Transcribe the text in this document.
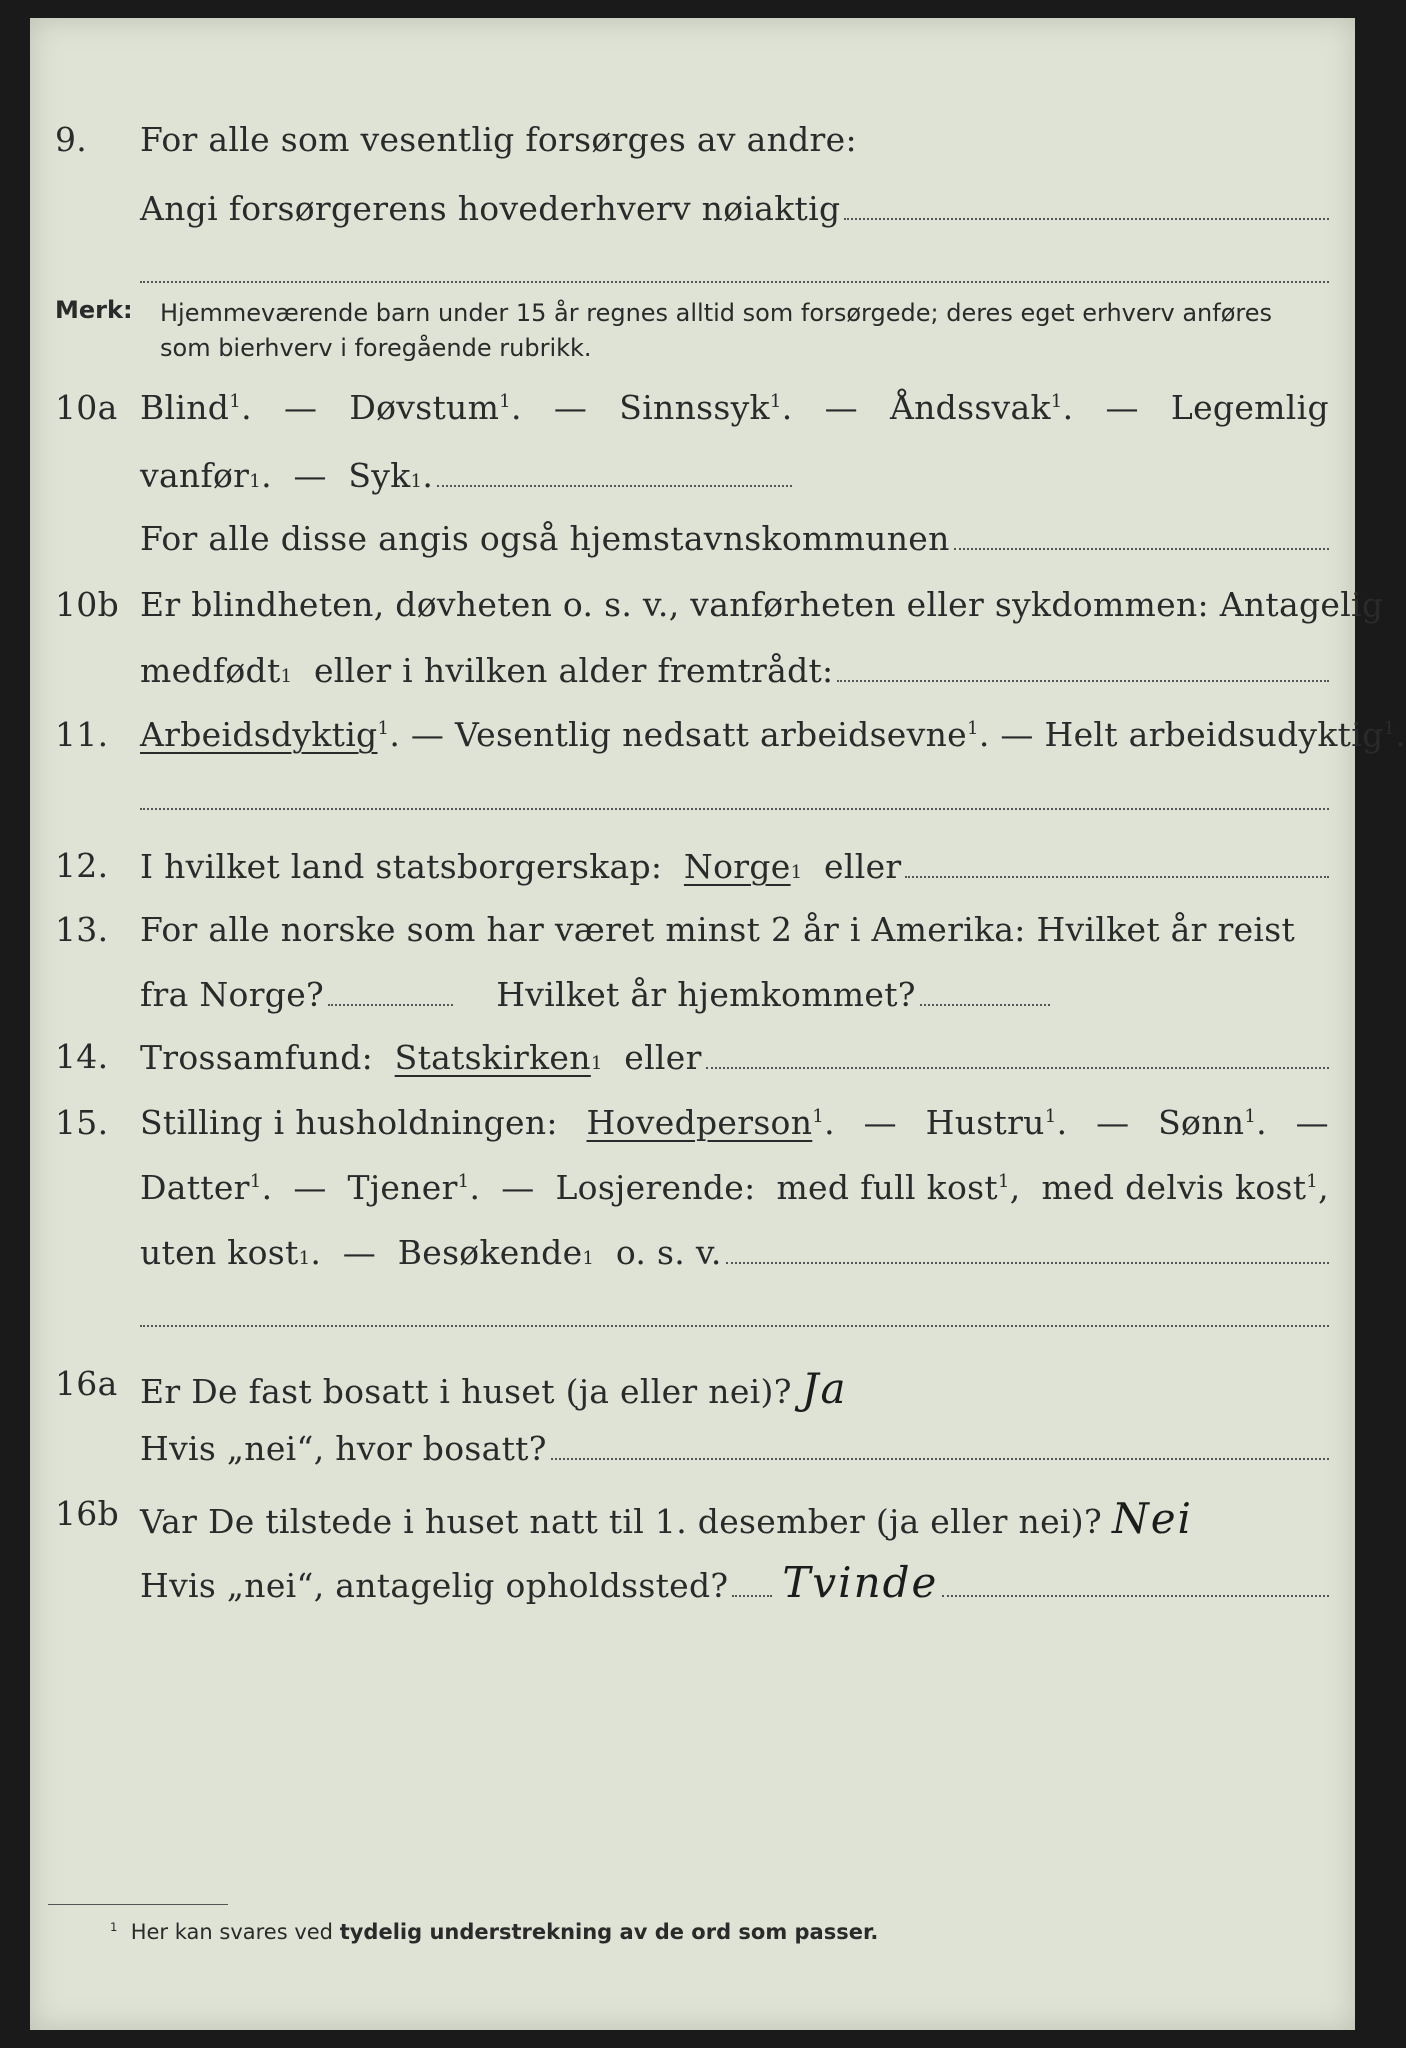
9. For alle som vesentlig forsørges av andre:
Angi forsørgerens hovederhverv nøiaktig
Merk: Hjemmeværende barn under 15 år regnes alltid som forsørgede; deres eget erhverv anføres som bierhverv i foregående rubrikk.
10a Blind$^1$. — Døvstum$^1$. — Sinnssyk$^1$. — Åndssvak$^1$. — Legemlig
vanfør 1 . —
Syk 1 .
For alle disse angis også hjemstavnskommunen
10b Er blindheten, døvheten o. s. v., vanførheten eller sykdommen: Antagelig
medfødt 1
eller i hvilken alder fremtrådt:
11. Arbeidsdyktig$^1$. — Vesentlig nedsatt arbeidsevne$^1$. — Helt arbeidsudyktig$^1$.
12. I hvilket land statsborgerskap:
Norge 1
eller
13. For alle norske som har været minst 2 år i Amerika: Hvilket år reist
fra Norge?
	Hvilket år hjemkommet?
14. Trossamfund:
Statskirken 1
eller
15. Stilling i husholdningen: Hovedperson$^1$. — Hustru$^1$. — Sønn$^1$. —
Datter$^1$. — Tjener$^1$. — Losjerende: med full kost$^1$, med delvis kost$^1$,
uten kost 1 . —
Besøkende 1
o. s. v.
16a Er De fast bosatt i huset (ja eller nei)? Ja
Hvis „nei“, hvor bosatt?
16b Var De tilstede i huset natt til 1. desember (ja eller nei)? Nei
Hvis „nei“, antagelig opholdssted? Tvinde
$^1$ Her kan svares ved tydelig understrekning av de ord som passer.
